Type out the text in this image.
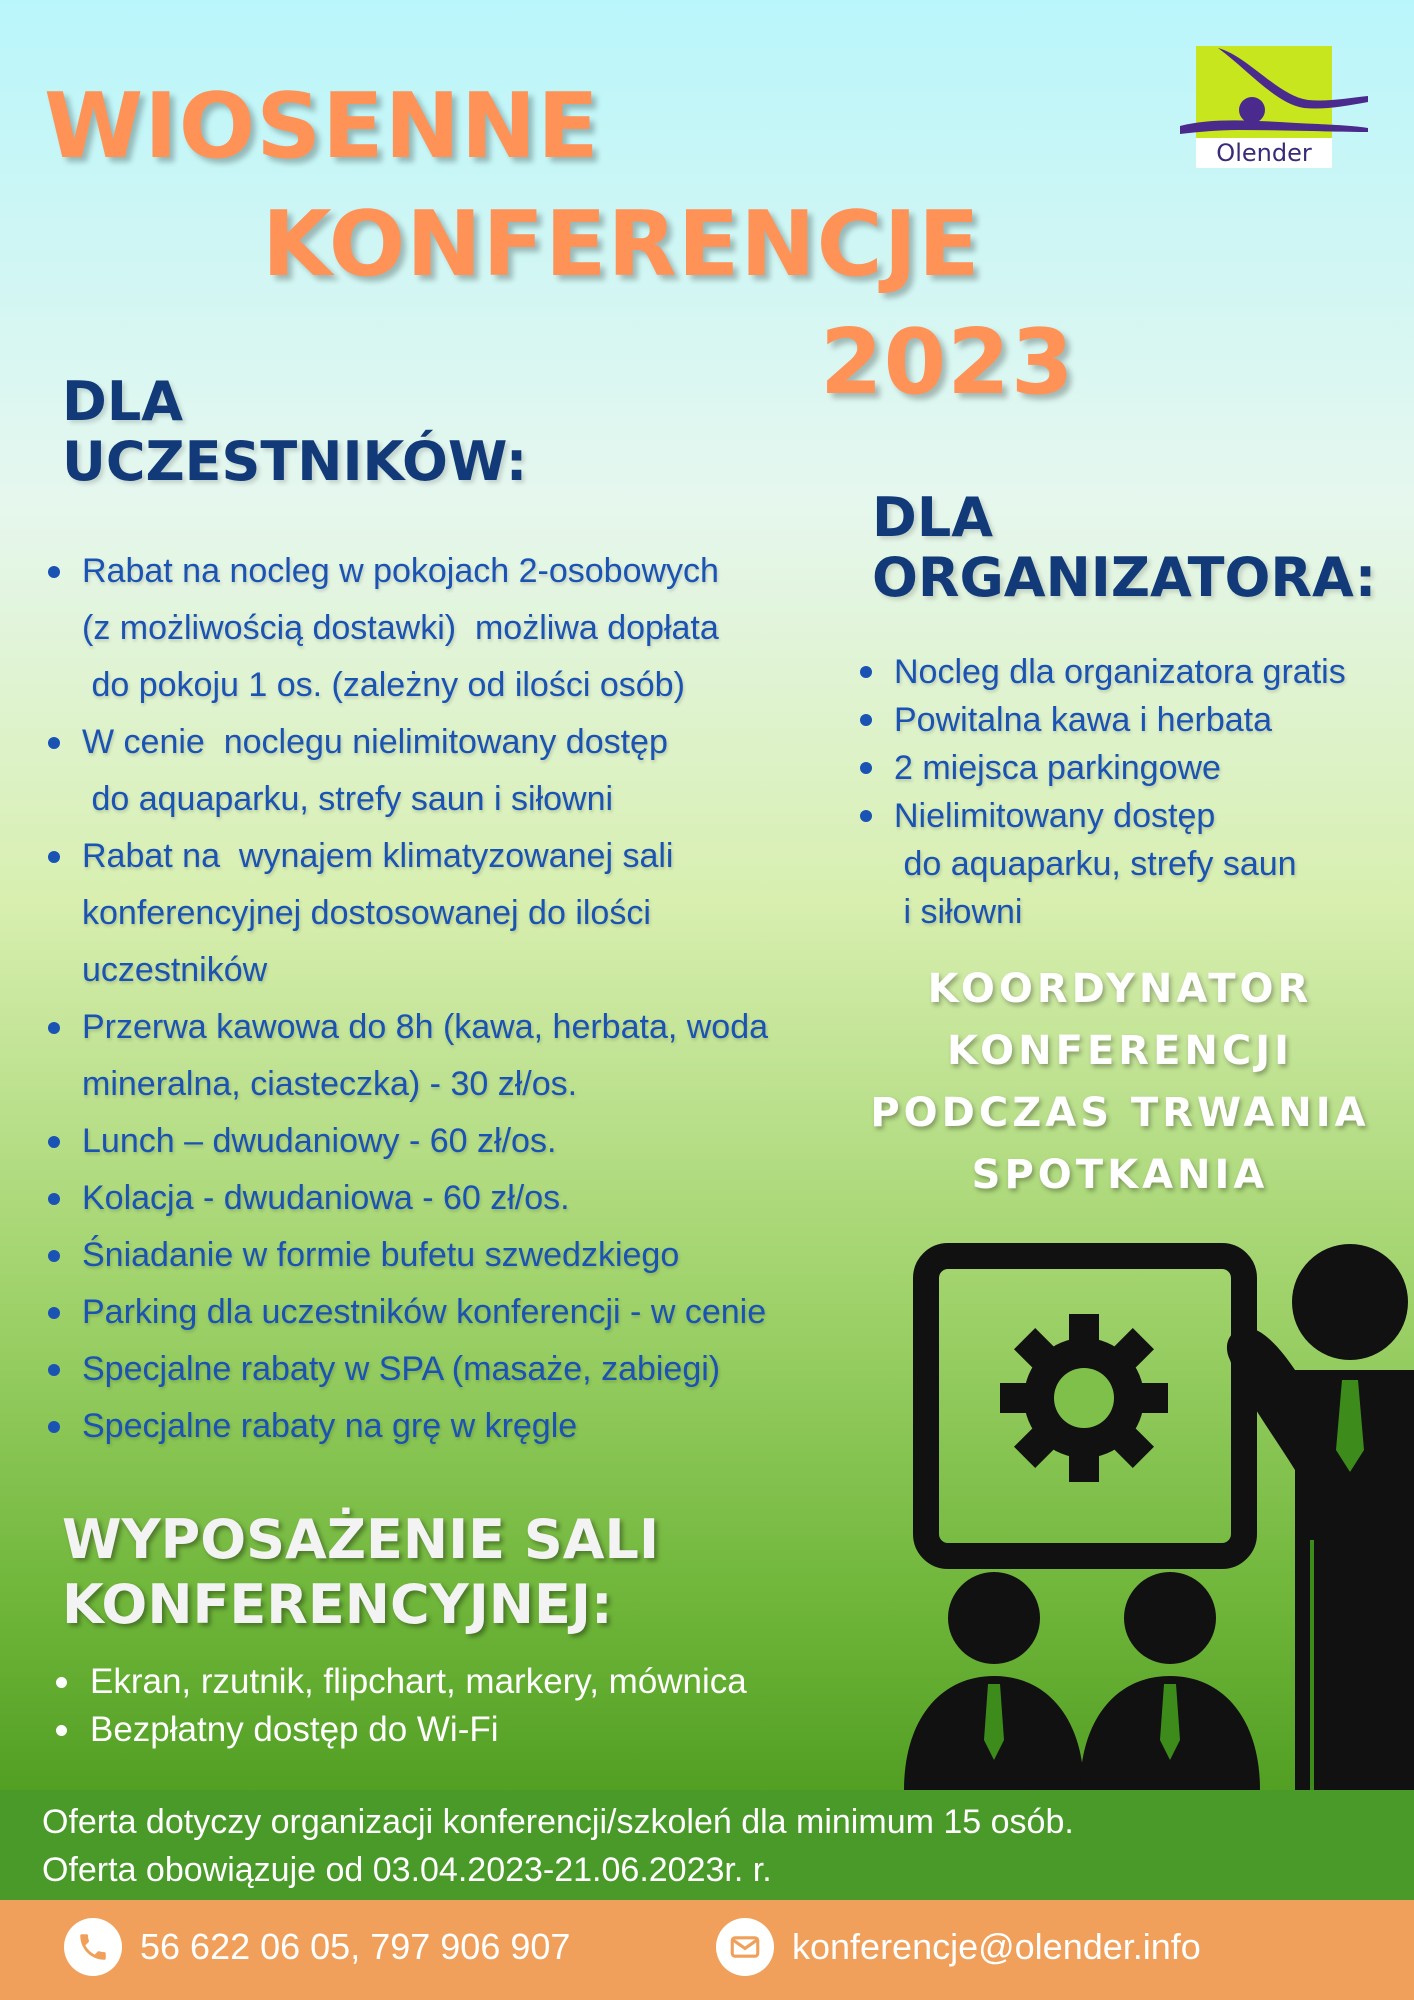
WIOSENNE
KONFERENCJE
2023
Olender

DLA

UCZESTNIKÓW:

Rabat na nocleg w pokojach 2-osobowych
(z możliwością dostawki)  możliwa dopłata
do pokoju 1 os. (zależny od ilości osób)
W cenie  noclegu nielimitowany dostęp
do aquaparku, strefy saun i siłowni
Rabat na  wynajem klimatyzowanej sali
konferencyjnej dostosowanej do ilości
uczestników
Przerwa kawowa do 8h (kawa, herbata, woda
mineralna, ciasteczka) - 30 zł/os.
Lunch – dwudaniowy - 60 zł/os.
Kolacja - dwudaniowa - 60 zł/os.
Śniadanie w formie bufetu szwedzkiego
Parking dla uczestników konferencji - w cenie
Specjalne rabaty w SPA (masaże, zabiegi)
Specjalne rabaty na grę w kręgle

DLA

ORGANIZATORA:

Nocleg dla organizatora gratis
Powitalna kawa i herbata
2 miejsca parkingowe
Nielimitowany dostęp
do aquaparku, strefy saun
i siłowni
KOORDYNATOR
KONFERENCJI
PODCZAS TRWANIA
SPOTKANIA

WYPOSAŻENIE SALI

KONFERENCYJNEJ:

Ekran, rzutnik, flipchart, markery, mównica
Bezpłatny dostęp do Wi-Fi
Oferta dotyczy organizacji konferencji/szkoleń dla minimum 15 osób.
Oferta obowiązuje od 03.04.2023-21.06.2023r. r.
56 622 06 05, 797 906 907	konferencje@olender.info
